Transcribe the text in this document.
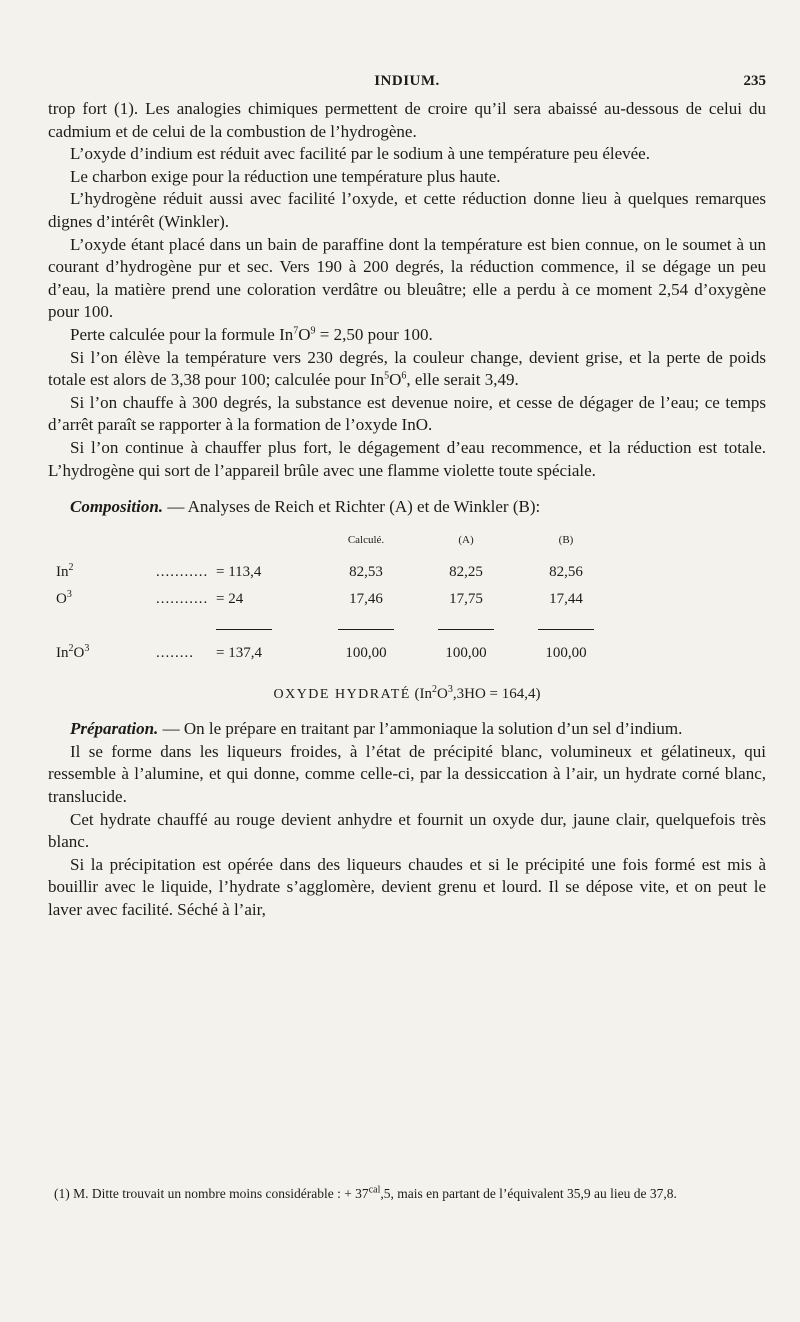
INDIUM.	235

trop fort (1). Les analogies chimiques permettent de croire qu’il sera abaissé au-dessous de celui du cadmium et de celui de la combustion de l’hydrogène.

L’oxyde d’indium est réduit avec facilité par le sodium à une température peu élevée.

Le charbon exige pour la réduction une température plus haute.

L’hydrogène réduit aussi avec facilité l’oxyde, et cette réduction donne lieu à quelques remarques dignes d’intérêt (Winkler).

L’oxyde étant placé dans un bain de paraffine dont la température est bien connue, on le soumet à un courant d’hydrogène pur et sec. Vers 190 à 200 degrés, la réduction commence, il se dégage un peu d’eau, la matière prend une coloration verdâtre ou bleuâtre; elle a perdu à ce moment 2,54 d’oxygène pour 100.

Perte calculée pour la formule $In^7O^9 = 2,50$ pour 100.

Si l’on élève la température vers 230 degrés, la couleur change, devient grise, et la perte de poids totale est alors de 3,38 pour 100; calculée pour $In^5O^6$, elle serait 3,49.

Si l’on chauffe à 300 degrés, la substance est devenue noire, et cesse de dégager de l’eau; ce temps d’arrêt paraît se rapporter à la formation de l’oxyde InO.

Si l’on continue à chauffer plus fort, le dégagement d’eau recommence, et la réduction est totale. L’hydrogène qui sort de l’appareil brûle avec une flamme violette toute spéciale.

Composition. — Analyses de Reich et Richter (A) et de Winkler (B):

			Calculé.	(A)	(B)
In$^2$	...........	= 113,4	82,53	82,25	82,56
$O^3$	...........	= 24	17,46	17,75	17,44

$In^2O^3$	........	= 137,4	100,00	100,00	100,00
OXYDE HYDRATÉ $(In^2O^3,3HO = 164,4)$

Préparation. — On le prépare en traitant par l’ammoniaque la solution d’un sel d’indium.

Il se forme dans les liqueurs froides, à l’état de précipité blanc, volumineux et gélatineux, qui ressemble à l’alumine, et qui donne, comme celle-ci, par la dessiccation à l’air, un hydrate corné blanc, translucide.

Cet hydrate chauffé au rouge devient anhydre et fournit un oxyde dur, jaune clair, quelquefois très blanc.

Si la précipitation est opérée dans des liqueurs chaudes et si le précipité une fois formé est mis à bouillir avec le liquide, l’hydrate s’agglomère, devient grenu et lourd. Il se dépose vite, et on peut le laver avec facilité. Séché à l’air,

(1) M. Ditte trouvait un nombre moins considérable : + $37^{cal},5$, mais en partant de l’équivalent 35,9 au lieu de 37,8.
